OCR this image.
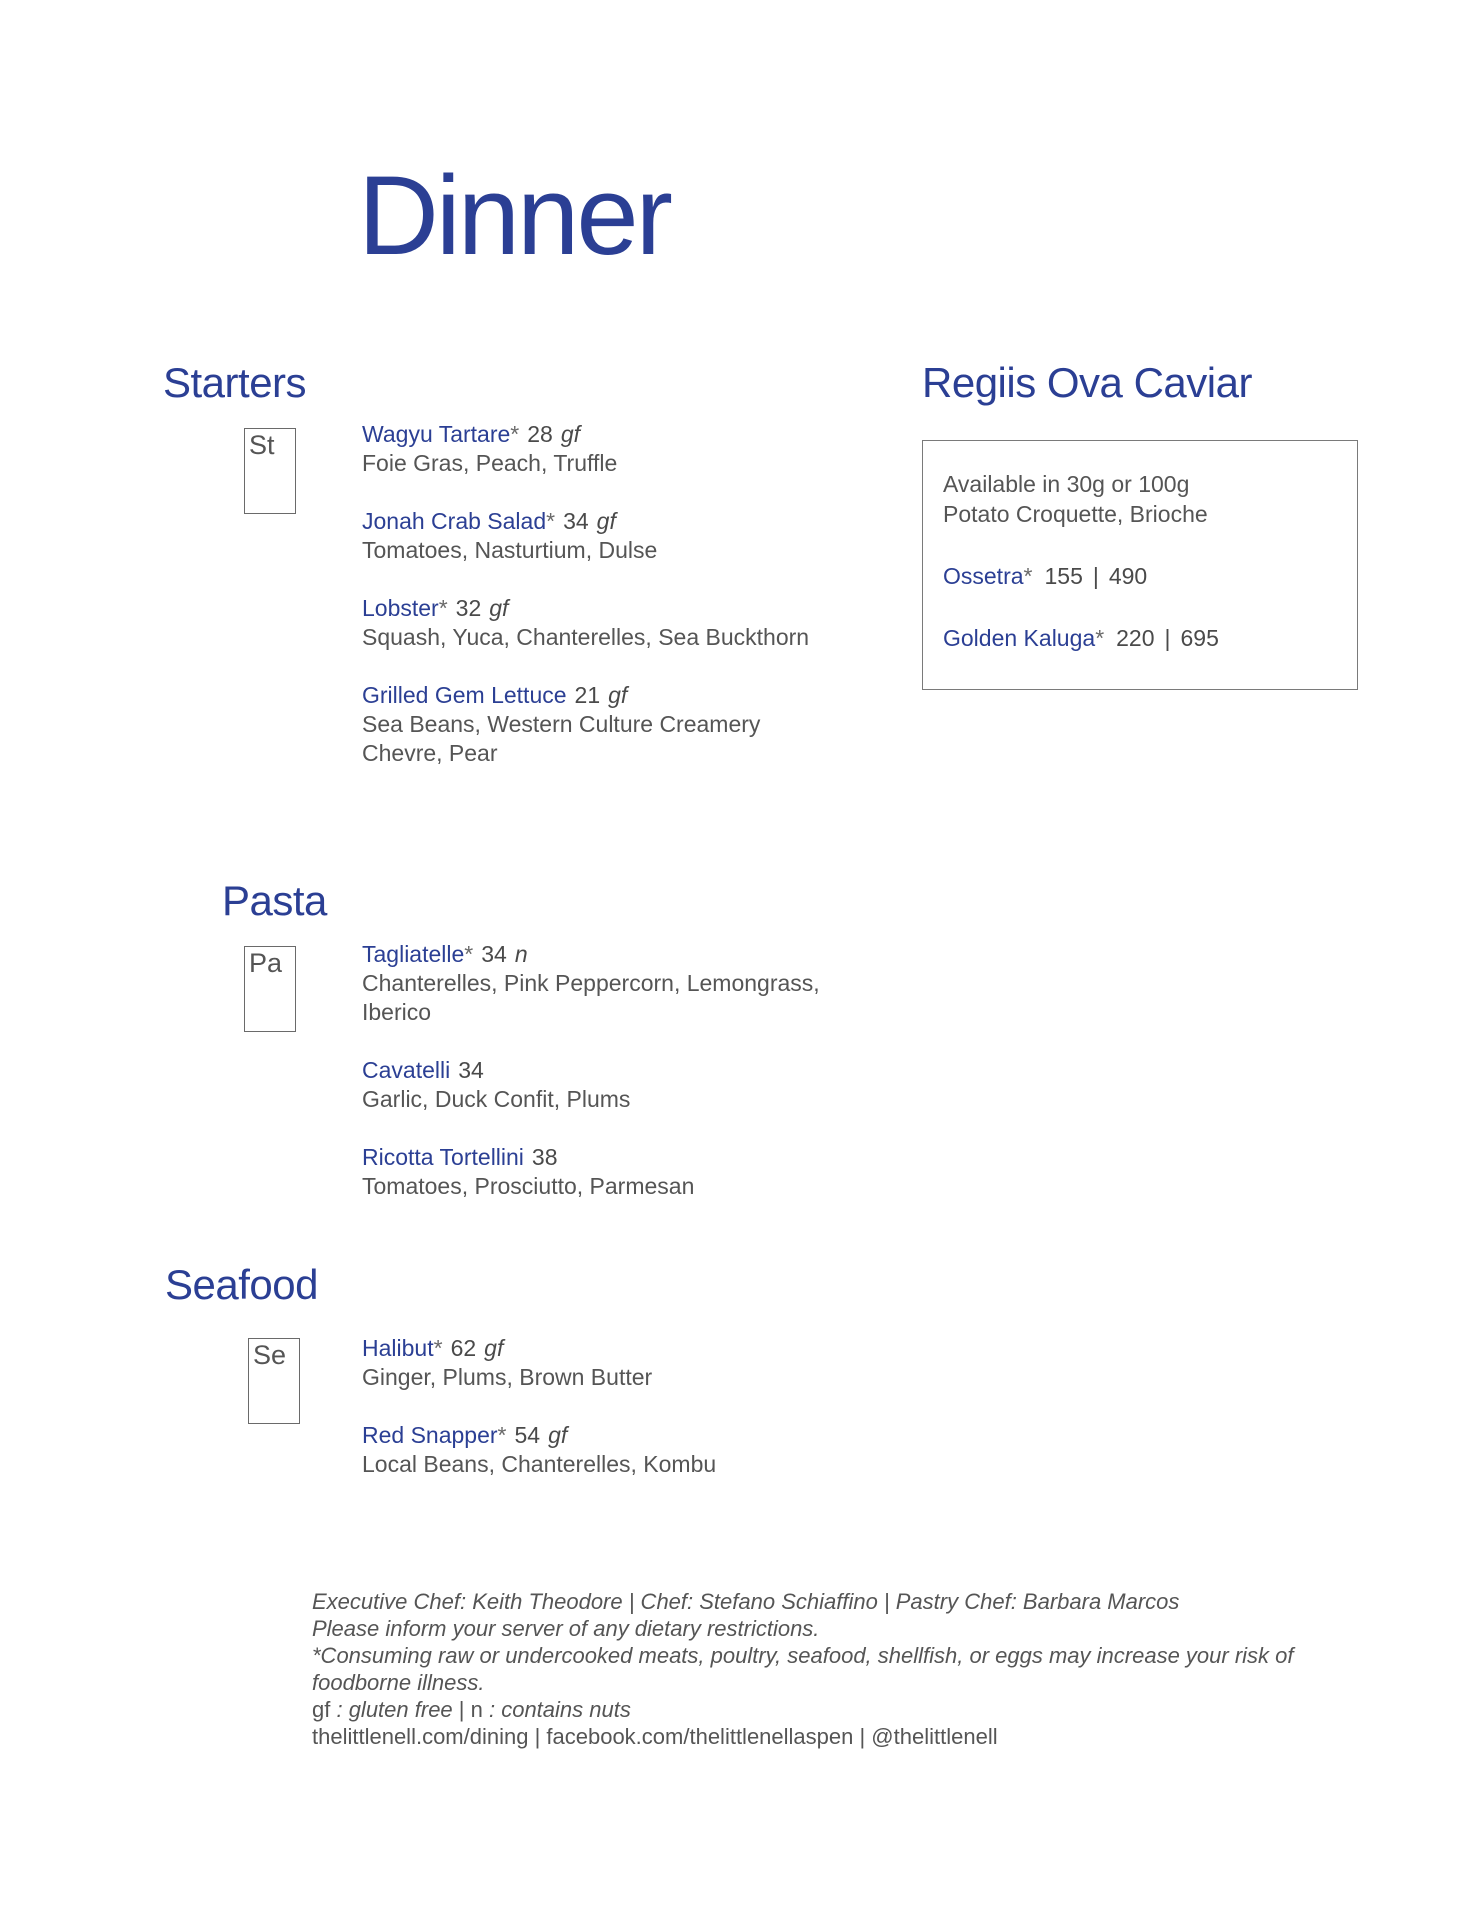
Dinner
Starters
St	Wagyu Tartare* 28 gf
Foie Gras, Peach, Truffle
Jonah Crab Salad* 34 gf
Tomatoes, Nasturtium, Dulse
Lobster* 32 gf
Squash, Yuca, Chanterelles, Sea Buckthorn
Grilled Gem Lettuce 21 gf
Sea Beans, Western Culture Creamery Chevre, Pear
Regiis Ova Caviar

Available in 30g or 100g

Potato Croquette, Brioche

Ossetra* 155 | 490
Golden Kaluga* 220 | 695
Pasta
Pa	Tagliatelle* 34 n
Chanterelles, Pink Peppercorn, Lemongrass, Iberico
Cavatelli 34
Garlic, Duck Confit, Plums
Ricotta Tortellini 38
Tomatoes, Prosciutto, Parmesan
Seafood
Se	Halibut* 62 gf
Ginger, Plums, Brown Butter
Red Snapper* 54 gf
Local Beans, Chanterelles, Kombu
Executive Chef: Keith Theodore | Chef: Stefano Schiaffino | Pastry Chef: Barbara Marcos
Please inform your server of any dietary restrictions.
*Consuming raw or undercooked meats, poultry, seafood, shellfish, or eggs may increase your risk of foodborne illness.
gf : gluten free | n : contains nuts
thelittlenell.com/dining | facebook.com/thelittlenellaspen | @thelittlenell
